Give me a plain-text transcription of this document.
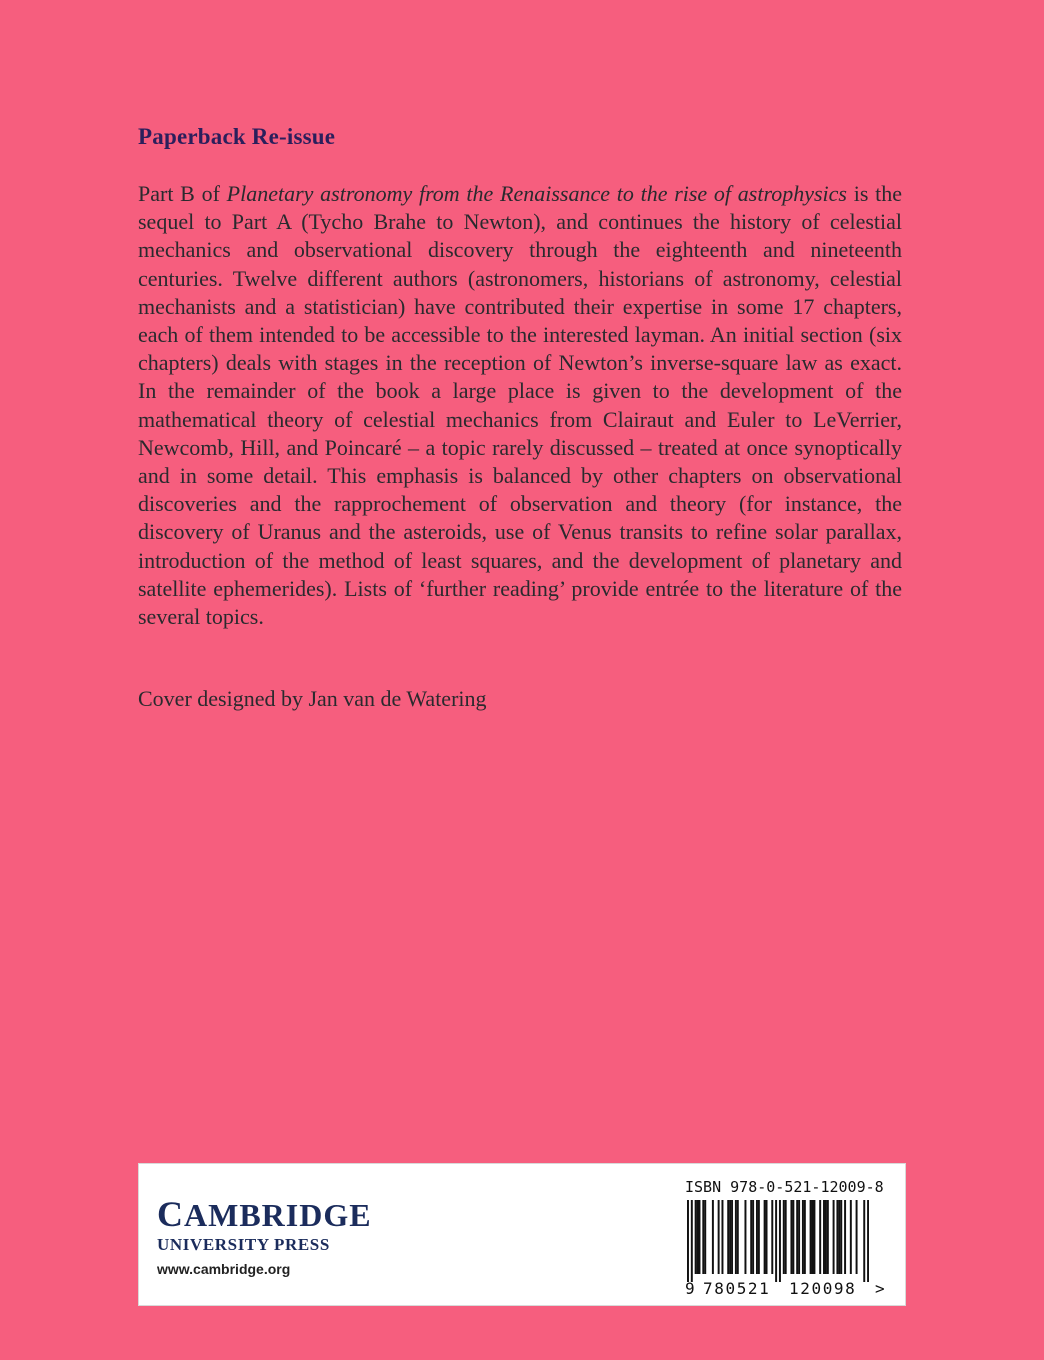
Paperback Re-issue

Part B of Planetary astronomy from the Renaissance to the rise of astrophysics is the sequel to Part A (Tycho Brahe to Newton), and continues the history of celestial mechanics and observational discovery through the eighteenth and nineteenth centuries. Twelve different authors (astronomers, historians of astronomy, celestial mechanists and a statistician) have contributed their expertise in some 17 chapters, each of them intended to be accessible to the interested layman. An initial section (six chapters) deals with stages in the reception of Newton’s inverse-square law as exact. In the remainder of the book a large place is given to the development of the mathematical theory of celestial mechanics from Clairaut and Euler to LeVerrier, Newcomb, Hill, and Poincaré – a topic rarely discussed – treated at once synoptically and in some detail. This emphasis is balanced by other chapters on observational discoveries and the rapprochement of observation and theory (for instance, the discovery of Uranus and the asteroids, use of Venus transits to refine solar parallax, introduction of the method of least squares, and the development of planetary and satellite ephemerides). Lists of ‘further reading’ provide entrée to the literature of the several topics.

Cover designed by Jan van de Watering

CAMBRIDGE
UNIVERSITY PRESS
www.cambridge.org
ISBN 978-0-521-12009-8
9 780521 120098 >
